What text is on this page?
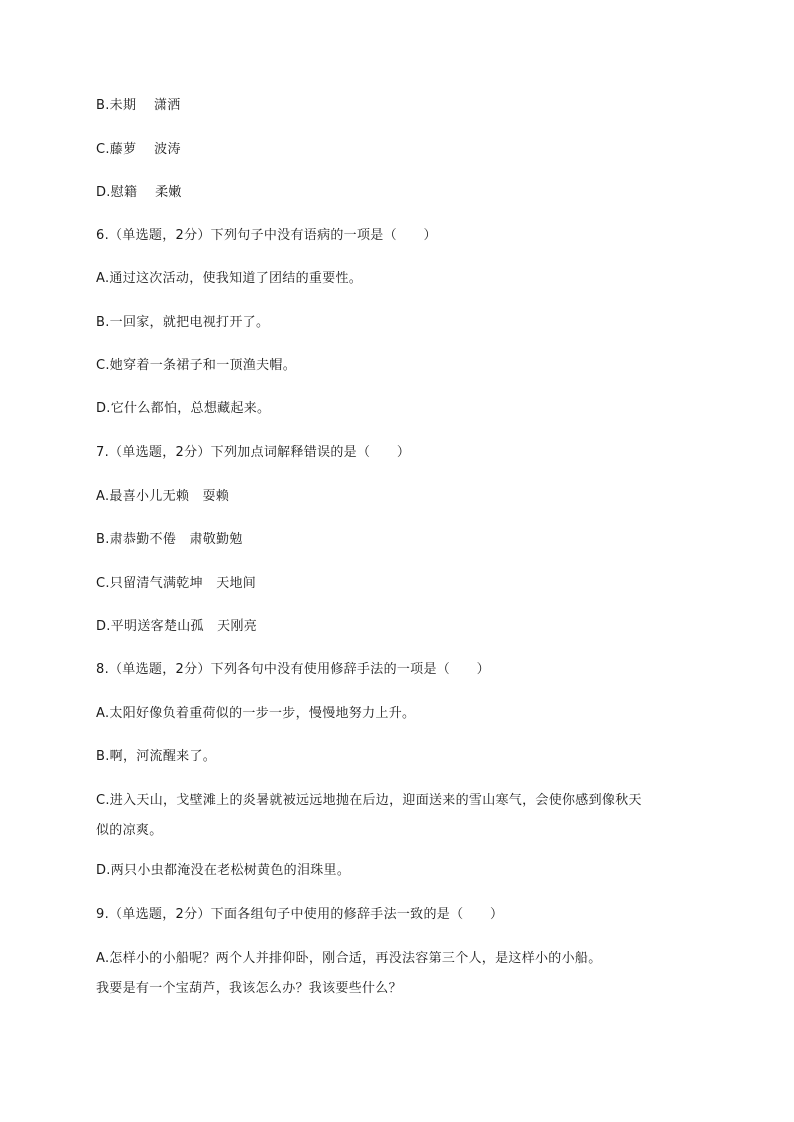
B.未期　 潇洒
C.藤萝　 波涛
D.慰籍　 柔嫩
6.（单选题，2分）下列句子中没有语病的一项是（　　）
A.通过这次活动，使我知道了团结的重要性。
B.一回家，就把电视打开了。
C.她穿着一条裙子和一顶渔夫帽。
D.它什么都怕，总想藏起来。
7.（单选题，2分）下列加点词解释错误的是（　　）
A.最喜小儿无赖　耍赖
B.肃恭勤不倦　肃敬勤勉
C.只留清气满乾坤　天地间
D.平明送客楚山孤　天刚亮
8.（单选题，2分）下列各句中没有使用修辞手法的一项是（　　）
A.太阳好像负着重荷似的一步一步，慢慢地努力上升。
B.啊，河流醒来了。
C.进入天山，戈壁滩上的炎暑就被远远地抛在后边，迎面送来的雪山寒气，会使你感到像秋天
似的凉爽。
D.两只小虫都淹没在老松树黄色的泪珠里。
9.（单选题，2分）下面各组句子中使用的修辞手法一致的是（　　）
A.怎样小的小船呢？两个人并排仰卧，刚合适，再没法容第三个人，是这样小的小船。
我要是有一个宝葫芦，我该怎么办？我该要些什么？
